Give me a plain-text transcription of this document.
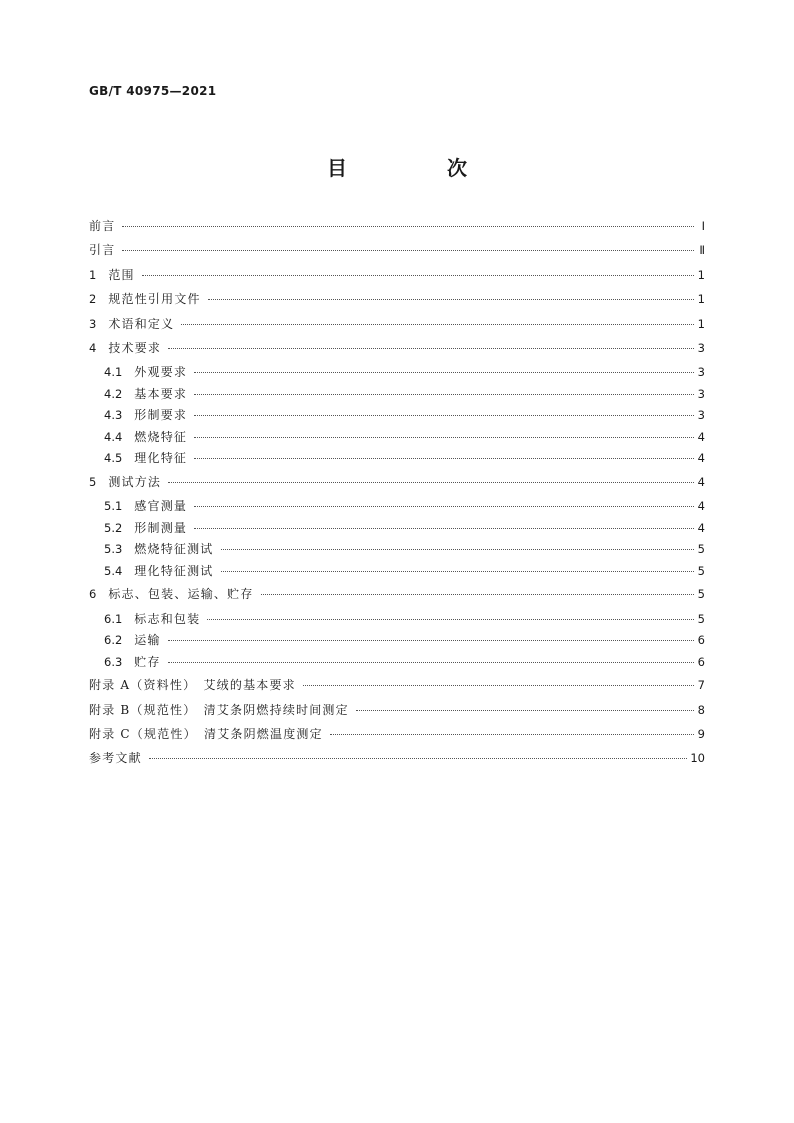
GB/T 40975—2021
目　次
前言	Ⅰ
引言	Ⅱ
1	范围	1
2	规范性引用文件	1
3	术语和定义	1
4	技术要求	3
4.1	外观要求	3
4.2	基本要求	3
4.3	形制要求	3
4.4	燃烧特征	4
4.5	理化特征	4
5	测试方法	4
5.1	感官测量	4
5.2	形制测量	4
5.3	燃烧特征测试	5
5.4	理化特征测试	5
6	标志、包装、运输、贮存	5
6.1	标志和包装	5
6.2	运输	6
6.3	贮存	6
附录 A（资料性）　艾绒的基本要求	7
附录 B（规范性）　清艾条阴燃持续时间测定	8
附录 C（规范性）　清艾条阴燃温度测定	9
参考文献	10
